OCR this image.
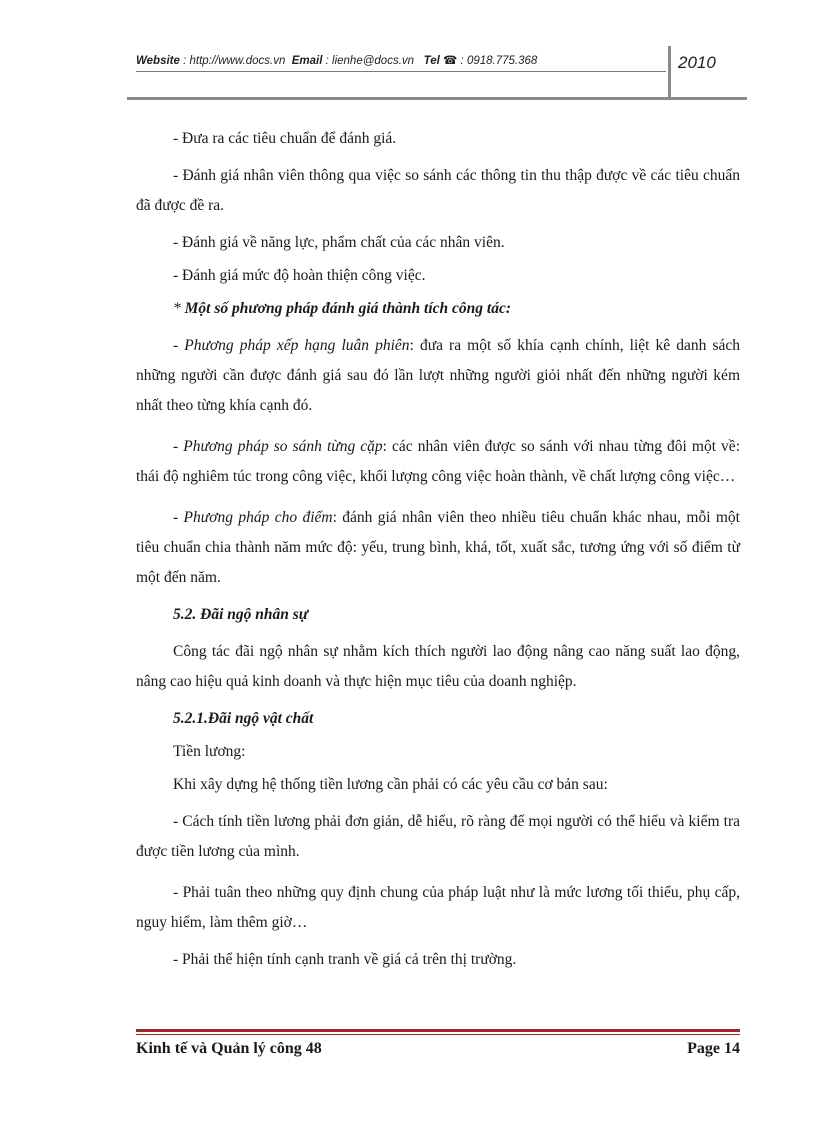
Website : http://www.docs.vn Email : lienhe@docs.vn Tel ☎ : 0918.775.368	2010

- Đưa ra các tiêu chuẩn để đánh giá.

- Đánh giá nhân viên thông qua việc so sánh các thông tin thu thập được về các tiêu chuẩn đã được đề ra.

- Đánh giá về năng lực, phẩm chất của các nhân viên.

- Đánh giá mức độ hoàn thiện công việc.

* Một số phương pháp đánh giá thành tích công tác:

- Phương pháp xếp hạng luân phiên: đưa ra một số khía cạnh chính, liệt kê danh sách những người cần được đánh giá sau đó lần lượt những người giỏi nhất đến những người kém nhất theo từng khía cạnh đó.

- Phương pháp so sánh từng cặp: các nhân viên được so sánh với nhau từng đôi một về: thái độ nghiêm túc trong công việc, khối lượng công việc hoàn thành, về chất lượng công việc…

- Phương pháp cho điểm: đánh giá nhân viên theo nhiều tiêu chuẩn khác nhau, mỗi một tiêu chuẩn chia thành năm mức độ: yếu, trung bình, khá, tốt, xuất sắc, tương ứng với số điểm từ một đến năm.

5.2. Đãi ngộ nhân sự

Công tác đãi ngộ nhân sự nhằm kích thích người lao động nâng cao năng suất lao động, nâng cao hiệu quả kinh doanh và thực hiện mục tiêu của doanh nghiệp.

5.2.1.Đãi ngộ vật chất

Tiền lương:

Khi xây dựng hệ thống tiền lương cần phải có các yêu cầu cơ bản sau:

- Cách tính tiền lương phải đơn giản, dễ hiểu, rõ ràng để mọi người có thể hiểu và kiểm tra được tiền lương của mình.

- Phải tuân theo những quy định chung của pháp luật như là mức lương tối thiểu, phụ cấp, nguy hiểm, làm thêm giờ…

- Phải thể hiện tính cạnh tranh về giá cả trên thị trường.

Kinh tế và Quản lý công 48	Page 14
